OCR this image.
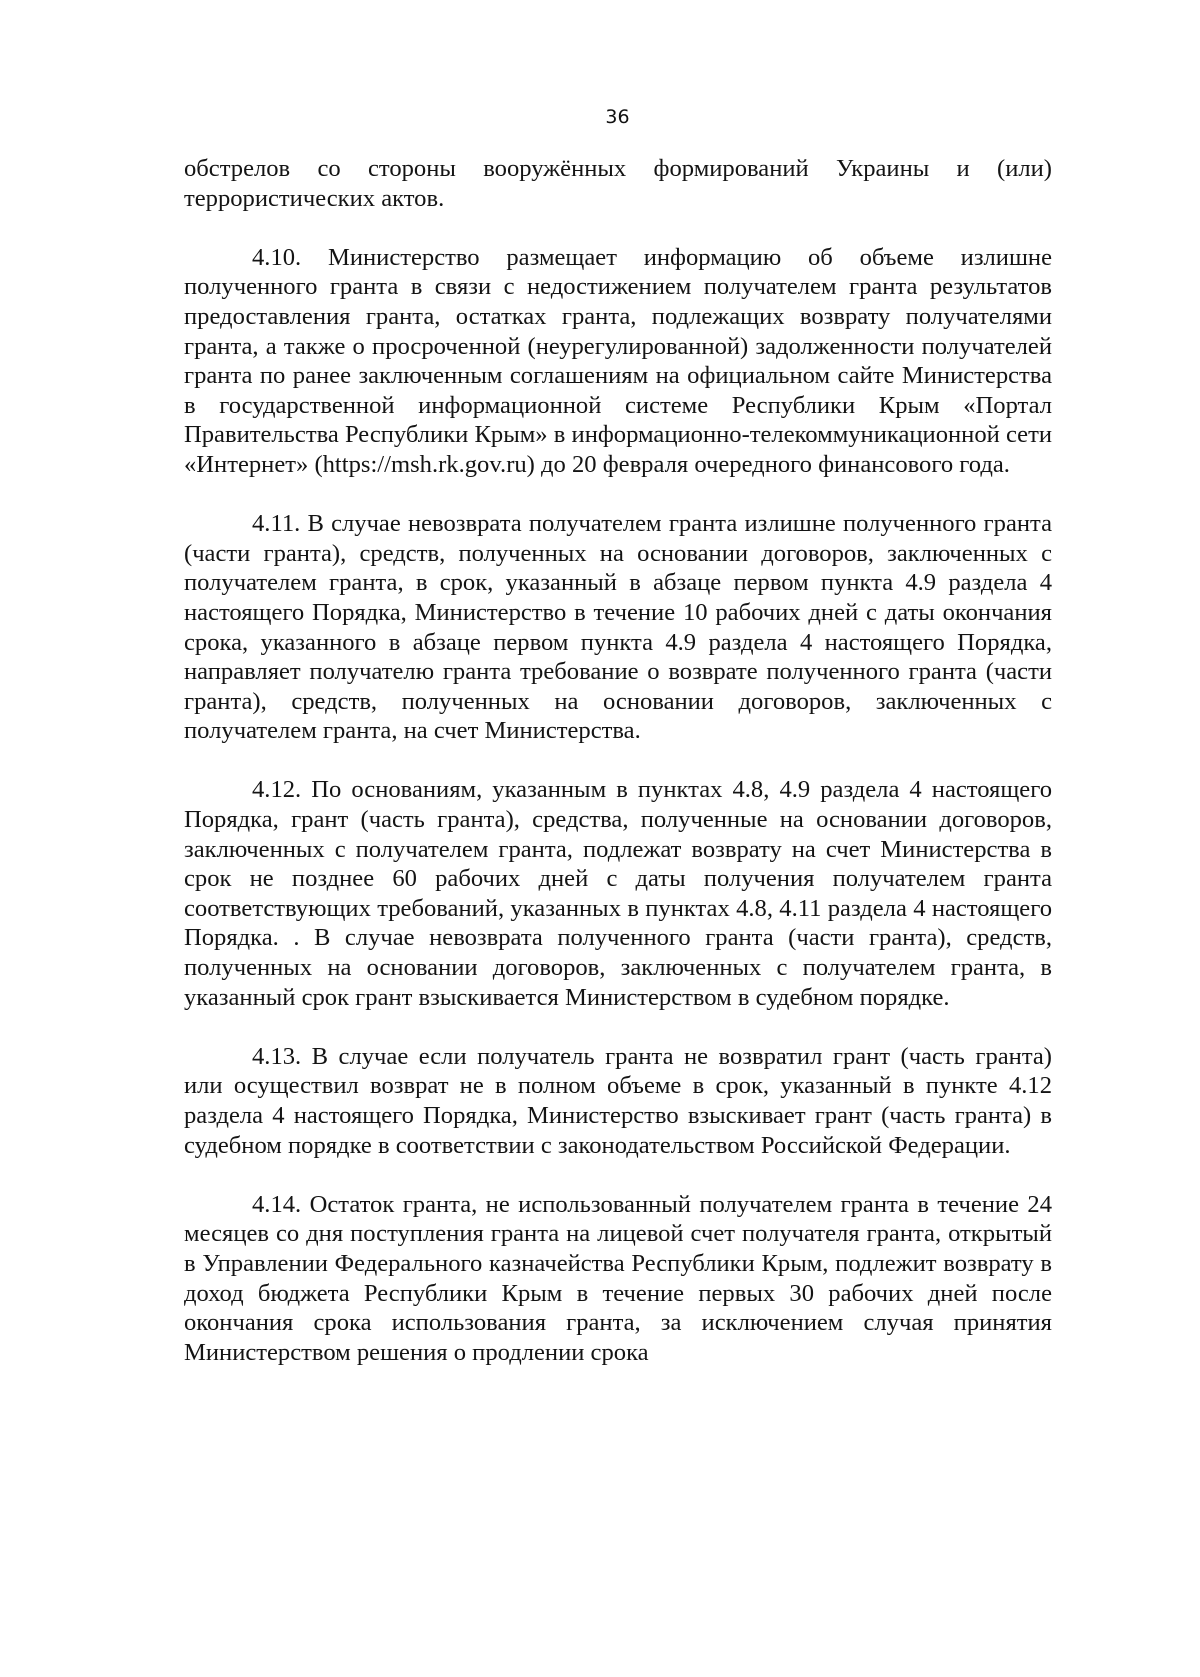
36

обстрелов со стороны вооружённых формирований Украины и (или) террористических актов.

4.10. Министерство размещает информацию об объеме излишне полученного гранта в связи с недостижением получателем гранта результатов предоставления гранта, остатках гранта, подлежащих возврату получателями гранта, а также о просроченной (неурегулированной) задолженности получателей гранта по ранее заключенным соглашениям на официальном сайте Министерства в государственной информационной системе Республики Крым «Портал Правительства Республики Крым» в информационно-телекоммуникационной сети «Интернет» (https://msh.rk.gov.ru) до 20 февраля очередного финансового года.

4.11. В случае невозврата получателем гранта излишне полученного гранта (части гранта), средств, полученных на основании договоров, заключенных с получателем гранта, в срок, указанный в абзаце первом пункта 4.9 раздела 4 настоящего Порядка, Министерство в течение 10 рабочих дней с даты окончания срока, указанного в абзаце первом пункта 4.9 раздела 4 настоящего Порядка, направляет получателю гранта требование о возврате полученного гранта (части гранта), средств, полученных на основании договоров, заключенных с получателем гранта, на счет Министерства.

4.12. По основаниям, указанным в пунктах 4.8, 4.9 раздела 4 настоящего Порядка, грант (часть гранта), средства, полученные на основании договоров, заключенных с получателем гранта, подлежат возврату на счет Министерства в срок не позднее 60 рабочих дней с даты получения получателем гранта соответствующих требований, указанных в пунктах 4.8, 4.11 раздела 4 настоящего Порядка. . В случае невозврата полученного гранта (части гранта), средств, полученных на основании договоров, заключенных с получателем гранта, в указанный срок грант взыскивается Министерством в судебном порядке.

4.13. В случае если получатель гранта не возвратил грант (часть гранта) или осуществил возврат не в полном объеме в срок, указанный в пункте 4.12 раздела 4 настоящего Порядка, Министерство взыскивает грант (часть гранта) в судебном порядке в соответствии с законодательством Российской Федерации.

4.14. Остаток гранта, не использованный получателем гранта в течение 24 месяцев со дня поступления гранта на лицевой счет получателя гранта, открытый в Управлении Федерального казначейства Республики Крым, подлежит возврату в доход бюджета Республики Крым в течение первых 30 рабочих дней после окончания срока использования гранта, за исключением случая принятия Министерством решения о продлении срока
